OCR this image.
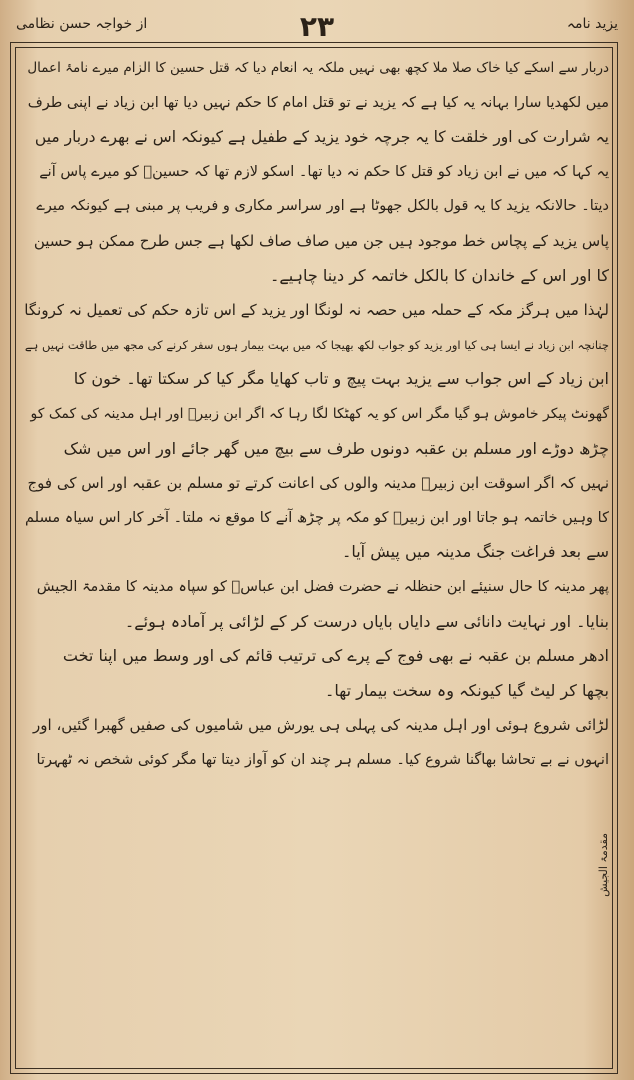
از خواجہ حسن نظامی	۲۳	یزید نامہ
دربار سے اسکے کیا خاک صلا ملا کچھ بھی نہیں ملکہ یہ انعام دیا کہ قتل حسین کا الزام میرے نامۂ اعمال
میں لکھدیا سارا بہانہ یہ کیا ہے کہ یزید نے تو قتل امام کا حکم نہیں دیا تھا ابن زیاد نے اپنی طرف
یہ شرارت کی اور خلقت کا یہ جرچہ خود یزید کے طفیل ہے کیونکہ اس نے بھرے دربار میں
یہ کہا کہ میں نے ابن زیاد کو قتل کا حکم نہ دیا تھا۔ اسکو لازم تھا کہ حسینؓ کو میرے پاس آنے
دیتا۔ حالانکہ یزید کا یہ قول بالکل جھوٹا ہے اور سراسر مکاری و فریب پر مبنی ہے کیونکہ میرے
پاس یزید کے پچاس خط موجود ہیں جن میں صاف صاف لکھا ہے جس طرح ممکن ہو حسین
کا اور اس کے خاندان کا بالکل خاتمہ کر دینا چاہیے۔
لہٰذا میں ہرگز مکہ کے حملہ میں حصہ نہ لونگا اور یزید کے اس تازہ حکم کی تعمیل نہ کرونگا
چنانچہ ابن زیاد نے ایسا ہی کیا اور یزید کو جواب لکھ بھیجا کہ میں بہت بیمار ہوں سفر کرنے کی مجھ میں طاقت نہیں ہے
ابن زیاد کے اس جواب سے یزید بہت پیچ و تاب کھایا مگر کیا کر سکتا تھا۔ خون کا
گھونٹ پیکر خاموش ہو گیا مگر اس کو یہ کھٹکا لگا رہا کہ اگر ابن زبیرؓ اور اہل مدینہ کی کمک کو
چڑھ دوڑے اور مسلم بن عقبہ دونوں طرف سے بیچ میں گھر جائے اور اس میں شک
نہیں کہ اگر اسوقت ابن زبیرؓ مدینہ والوں کی اعانت کرتے تو مسلم بن عقبہ اور اس کی فوج
کا وہیں خاتمہ ہو جاتا اور ابن زبیرؓ کو مکہ پر چڑھ آنے کا موقع نہ ملتا۔ آخر کار اس سیاہ مسلم
سے بعد فراغت جنگ مدینہ میں پیش آیا۔
پھر مدینہ کا حال سنیئے ابن حنظلہ نے حضرت فضل ابن عباسؓ کو سپاہ مدینہ کا مقدمۃ الجیش
بنایا۔ اور نہایت دانائی سے دایاں بایاں درست کر کے لڑائی پر آمادہ ہوئے۔
ادھر مسلم بن عقبہ نے بھی فوج کے پرے کی ترتیب قائم کی اور وسط میں اپنا تخت
بچھا کر لیٹ گیا کیونکہ وہ سخت بیمار تھا۔
لڑائی شروع ہوئی اور اہل مدینہ کی پہلی ہی یورش میں شامیوں کی صفیں گھبرا گئیں، اور
انہوں نے بے تحاشا بھاگنا شروع کیا۔ مسلم ہر چند ان کو آواز دیتا تھا مگر کوئی شخص نہ ٹھہرتا
مقدمۃ الجیش
